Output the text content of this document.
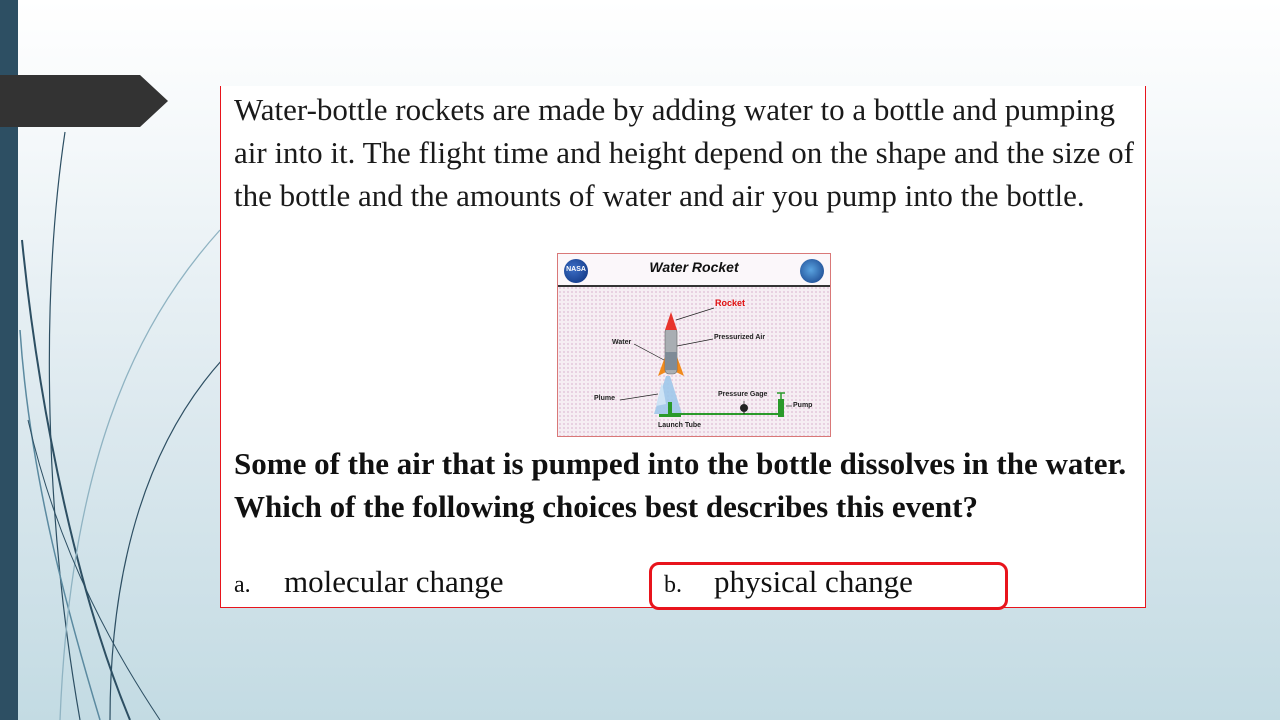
Water-bottle rockets are made by adding water to a bottle and pumping air into it. The flight time and height depend on the shape and the size of the bottle and the amounts of water and air you pump into the bottle.

NASA	Water Rocket
Rocket
Pressurized Air
Water
Plume
Pressure Gage
Pump
Launch Tube

Some of the air that is pumped into the bottle dissolves in the water. Which of the following choices best describes this event?

a. molecular change	b. physical change
